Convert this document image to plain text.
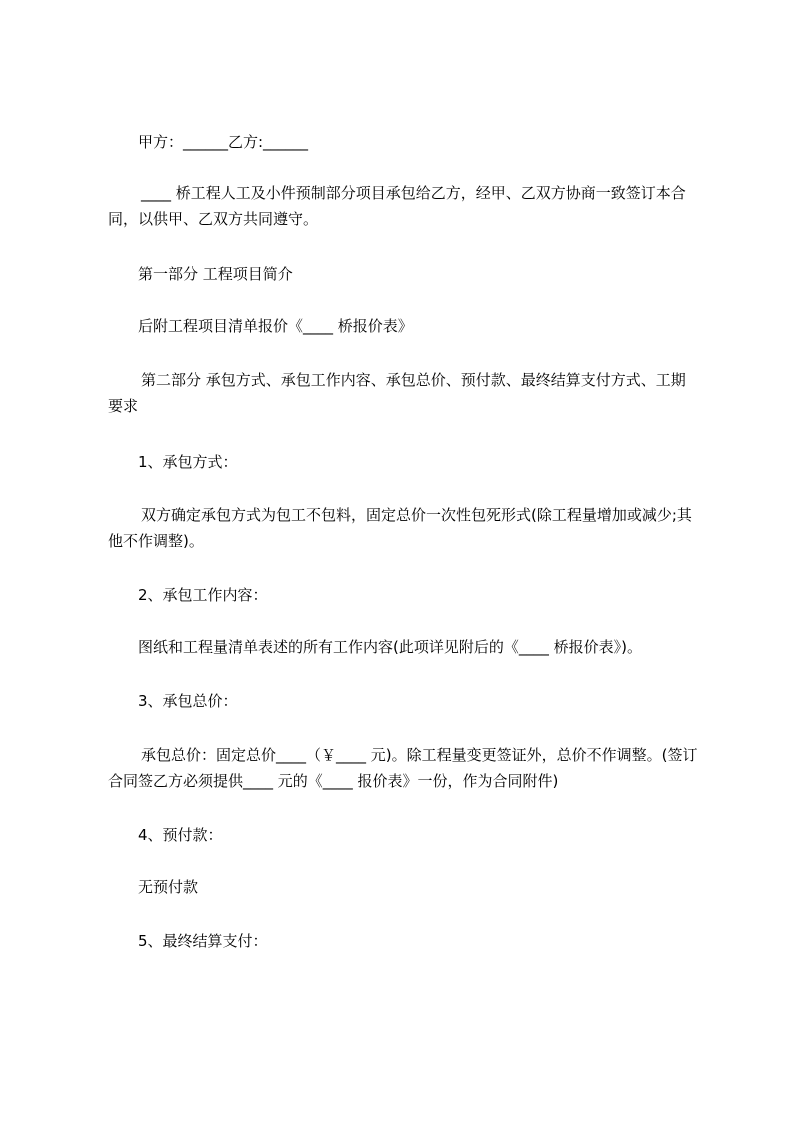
甲方：______乙方:______

____ 桥工程人工及小件预制部分项目承包给乙方，经甲、乙双方协商一致签订本合同，以供甲、乙双方共同遵守。

第一部分 工程项目简介

后附工程项目清单报价《____ 桥报价表》

第二部分 承包方式、承包工作内容、承包总价、预付款、最终结算支付方式、工期要求

1、承包方式：

双方确定承包方式为包工不包料，固定总价一次性包死形式(除工程量增加或减少;其他不作调整)。

2、承包工作内容：

图纸和工程量清单表述的所有工作内容(此项详见附后的《____ 桥报价表》)。

3、承包总价：

承包总价：固定总价____（￥____ 元)。除工程量变更签证外，总价不作调整。(签订合同签乙方必须提供____ 元的《____ 报价表》一份，作为合同附件)

4、预付款：

无预付款

5、最终结算支付：
